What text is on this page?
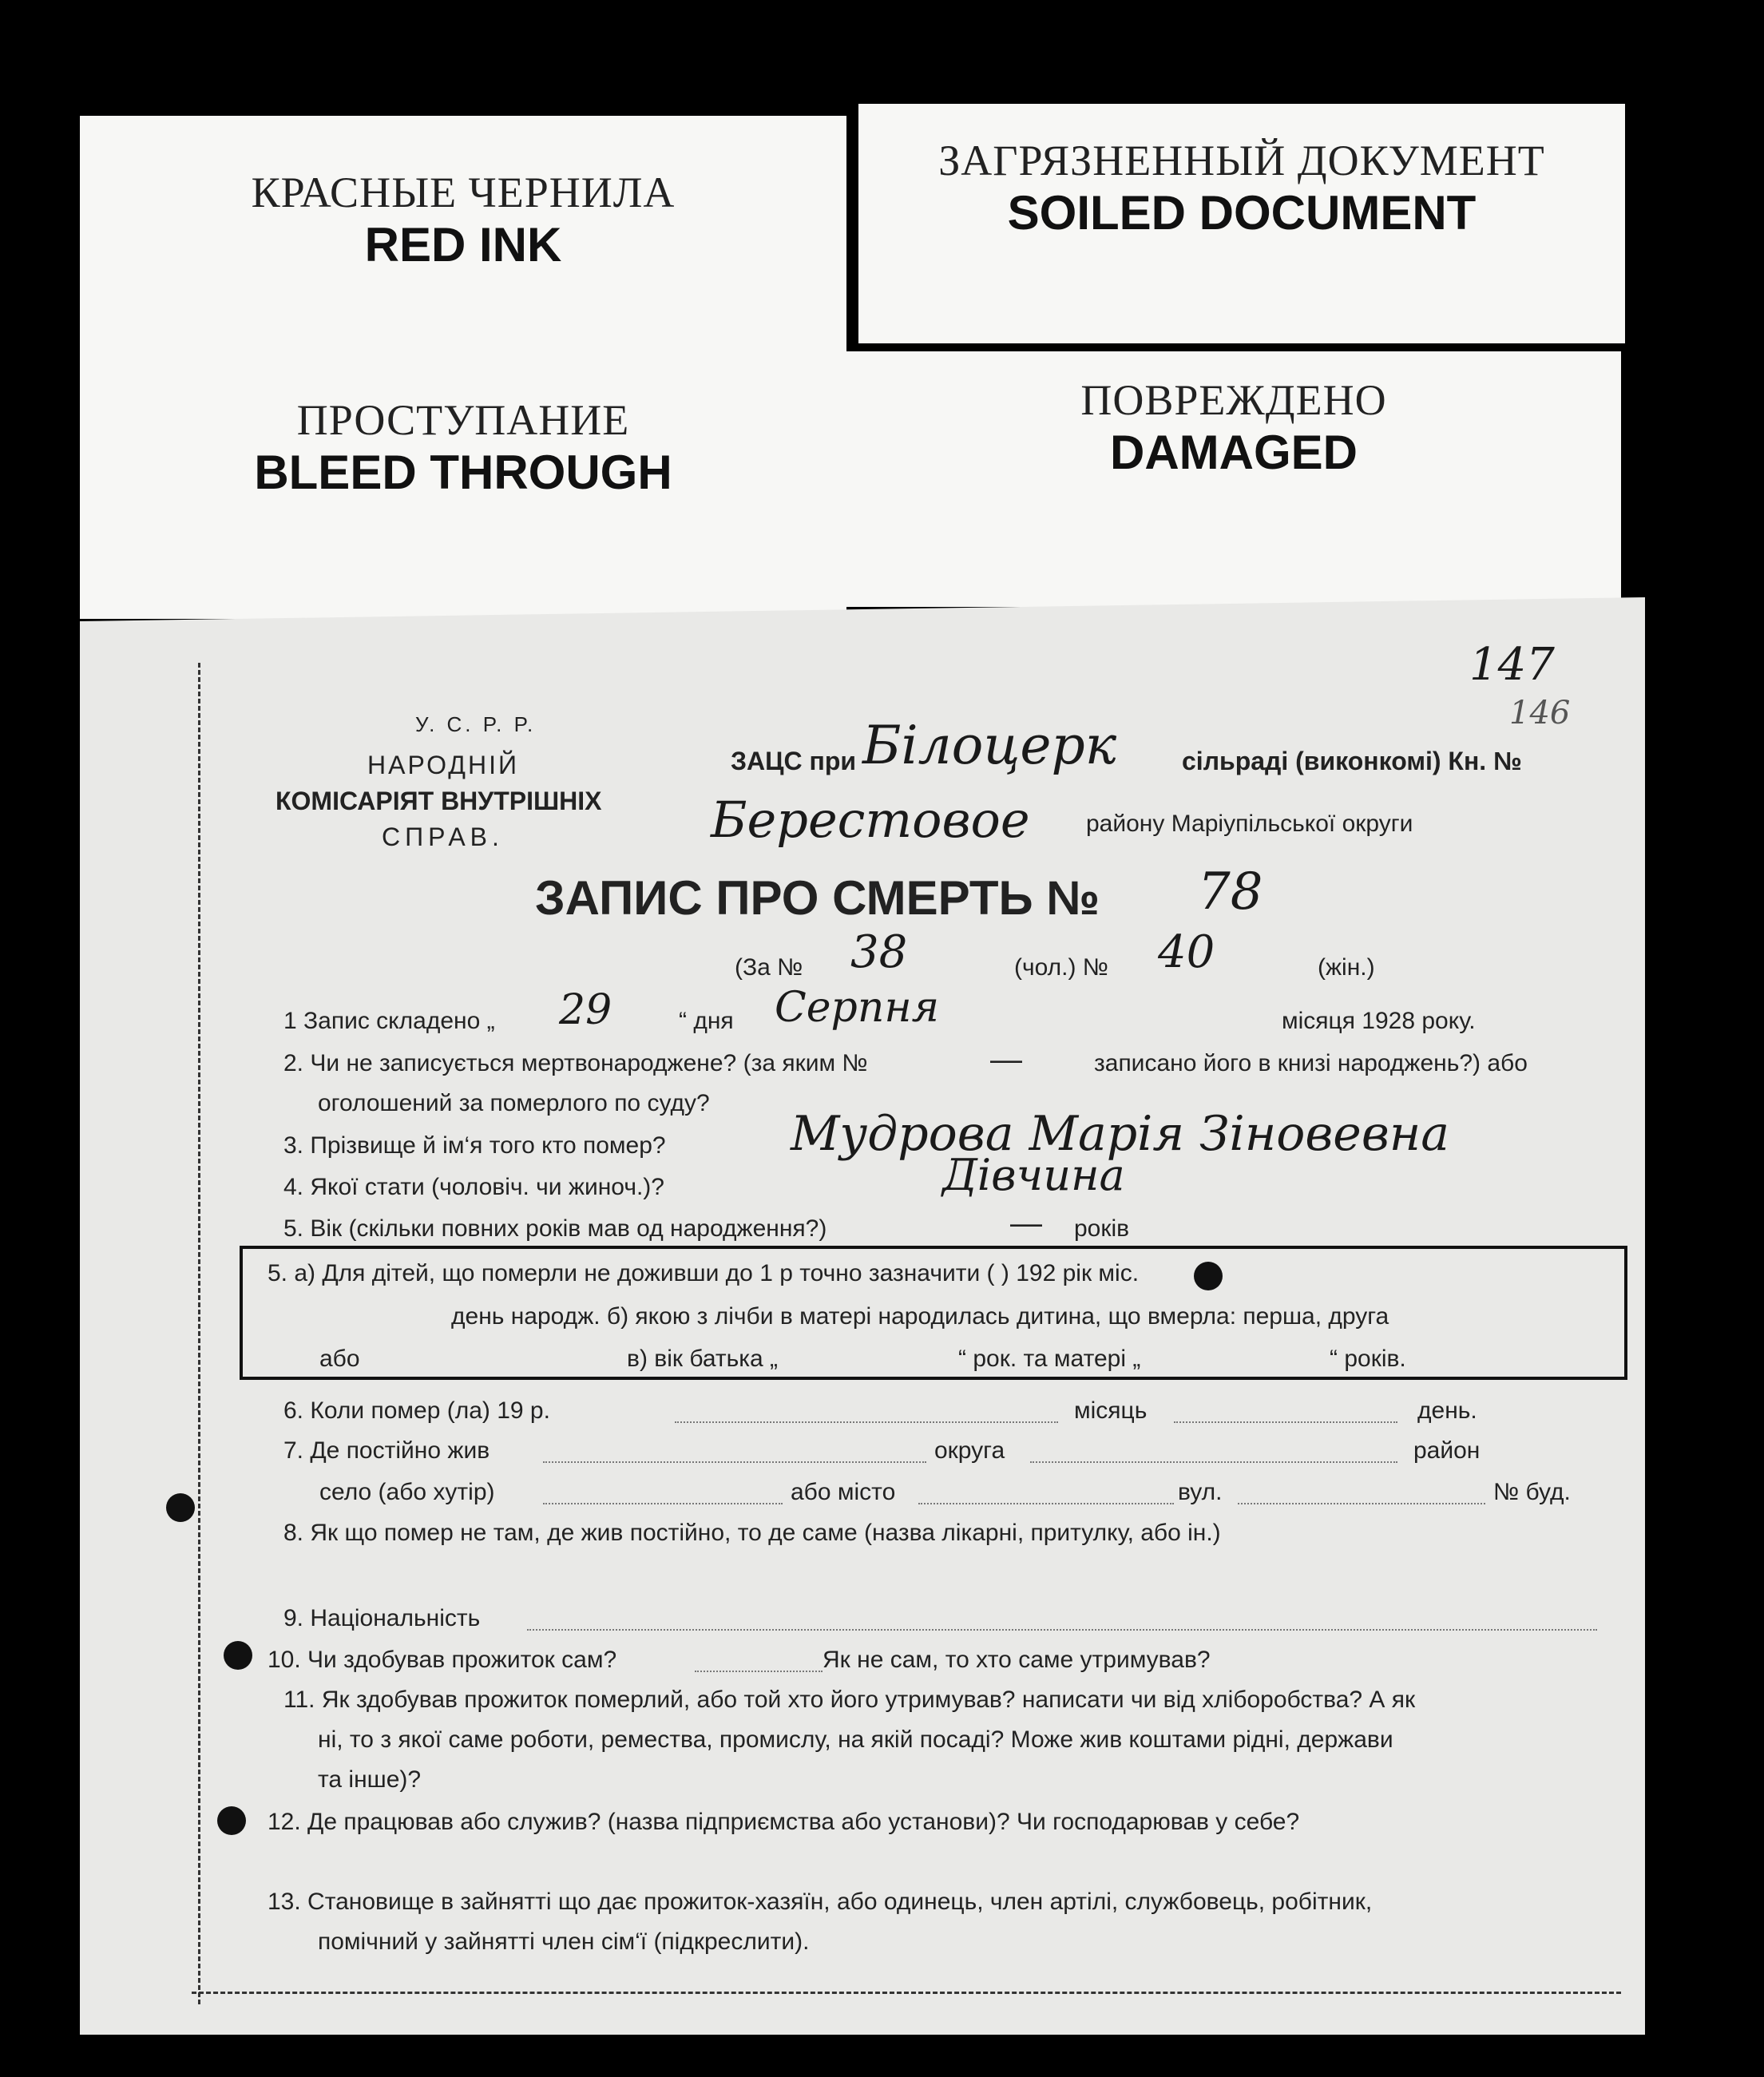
КРАСНЫЕ ЧЕРНИЛА
RED INK
ЗАГРЯЗНЕННЫЙ ДОКУМЕНТ
SOILED DOCUMENT
ПРОСТУПАНИЕ
BLEED THROUGH
ПОВРЕЖДЕНО
DAMAGED
147
146
У. С. Р. Р.
НАРОДНІЙ
КОМІСАРІЯТ ВНУТРІШНІХ
СПРАВ.
ЗАЦС при Білоцерк	сільраді (виконкомі) Кн. №
Берестовое району Маріупільської округи
ЗАПИС ПРО СМЕРТЬ № 78
(За № 38	(чол.) № 40	(жін.)
1 Запис складено „ 29	“ дня Серпня	місяця 1928 року.
2. Чи не записується мертвонароджене? (за яким №	—	записано його в книзі народжень?) або
оголошений за померлого по суду?
3. Прізвище й ім‘я того кто помер?	Мудрова Марія Зіновевна
4. Якої стати (чоловіч. чи жиноч.)?	Дівчина
5. Вік (скільки повних років мав од народження?)	— років
5. а) Для дітей, що померли не доживши до 1 р точно зазначити ( ) 192 рік міс.
день народж. б) якою з лічби в матері народилась дитина, що вмерла: перша, друга
або	в) вік батька „	“ рок. та матері „	“ років.
6. Коли помер (ла) 19 р.	місяць	день.
7. Де постійно жив	округа	район
село (або хутір)	або місто	вул.	№ буд.
8. Як що помер не там, де жив постійно, то де саме (назва лікарні, притулку, або ін.)
9. Національність
10. Чи здобував прожиток сам?	Як не сам, то хто саме утримував?
11. Як здобував прожиток померлий, або той хто його утримував? написати чи від хліборобства? А як
ні, то з якої саме роботи, ремества, промислу, на якій посаді? Може жив коштами рідні, держави
та інше)?
12. Де працював або служив? (назва підприємства або установи)? Чи господарював у себе?
13. Становище в зайнятті що дає прожиток-хазяїн, або одинець, член артілі, службовець, робітник,
помічний у зайнятті член сім‘ї (підкреслити).
